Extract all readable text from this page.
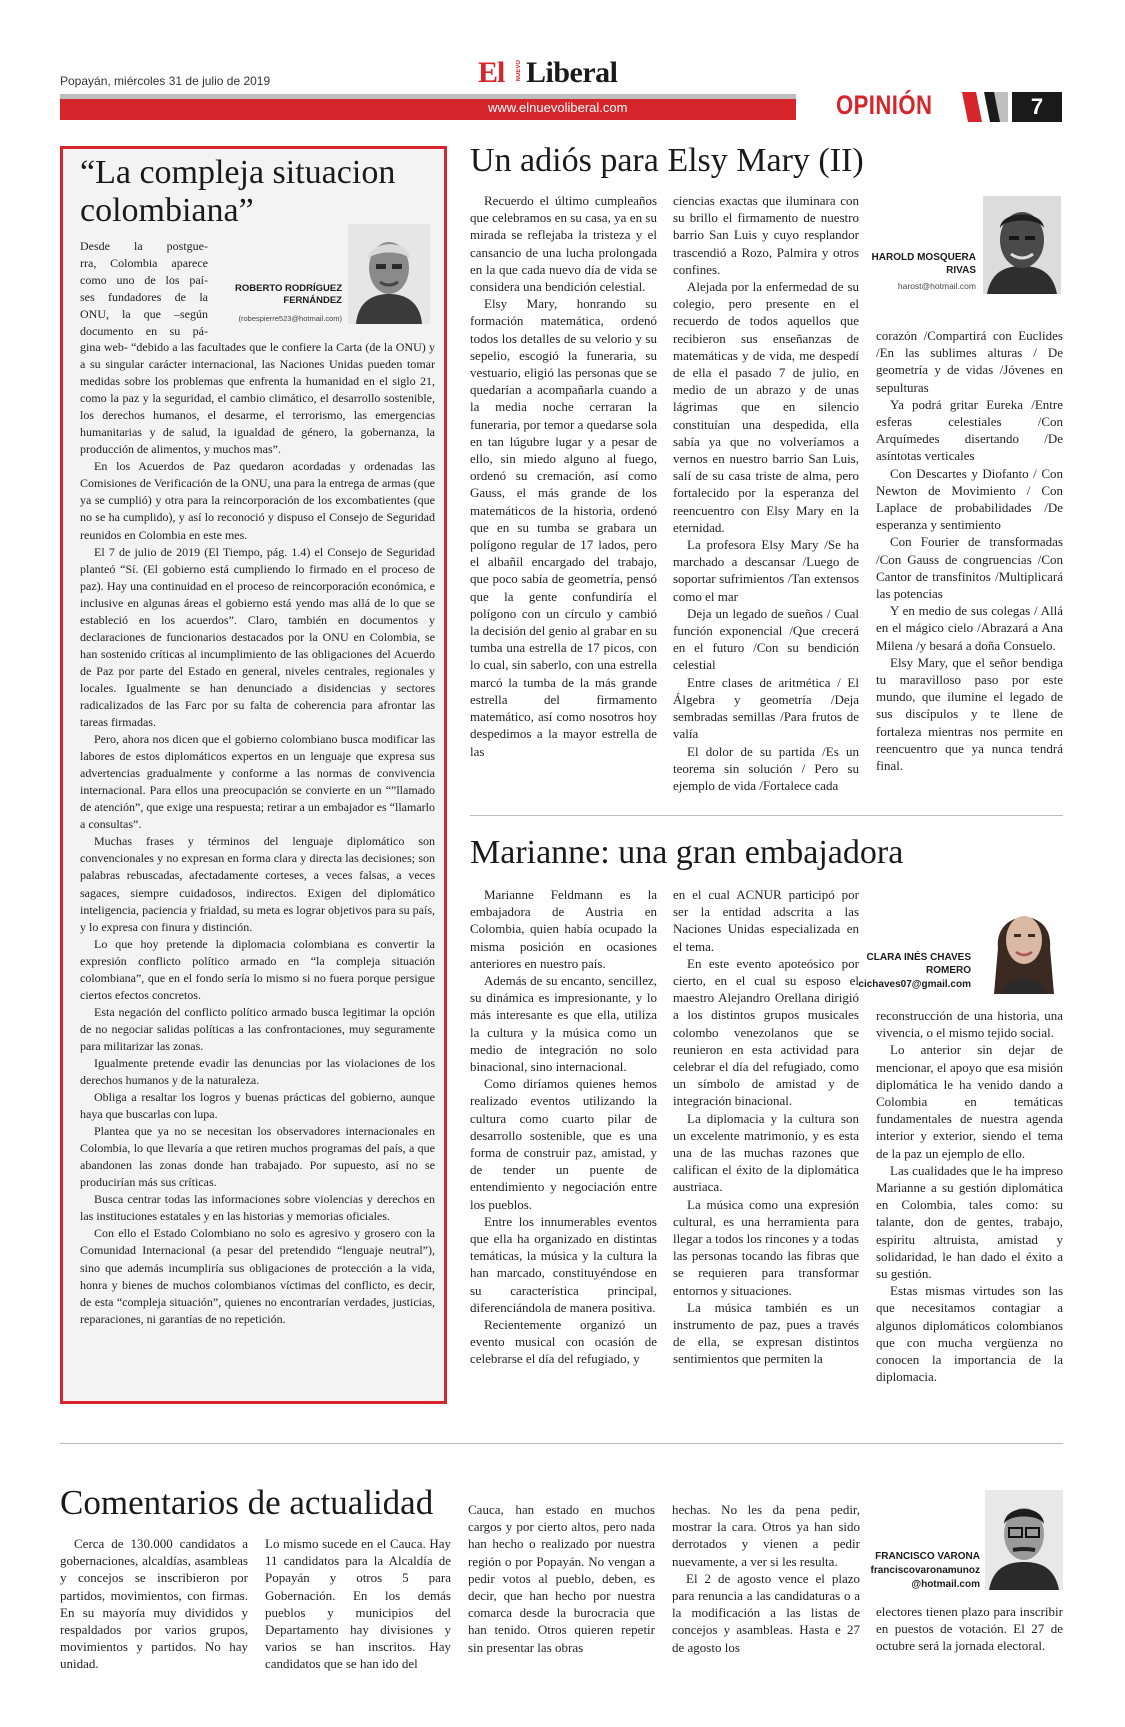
Popayán, miércoles 31 de julio de 2019	El NUEVO Liberal
www.elnuevoliberal.com	OPINIÓN	7
“La compleja situacion colombiana”
ROBERTO RODRÍGUEZ FERNÁNDEZ
(robespierre523@hotmail.com)
Desde la postgue-
rra, Colombia aparece
como uno de los paí-
ses fundadores de la
ONU, la que –según
documento en su pá-

gina web- “debido a las facultades que le confiere la Carta (de la ONU) y a su singular carácter internacional, las Naciones Unidas pueden tomar medidas sobre los problemas que enfrenta la humanidad en el siglo 21, como la paz y la seguridad, el cambio climático, el desarrollo sostenible, los derechos humanos, el desarme, el terrorismo, las emergencias humanitarias y de salud, la igualdad de género, la gobernanza, la producción de alimentos, y muchos mas”.

En los Acuerdos de Paz quedaron acordadas y ordenadas las Comisiones de Verificación de la ONU, una para la entrega de armas (que ya se cumplió) y otra para la reincorporación de los excombatientes (que no se ha cumplido), y así lo reconoció y dispuso el Consejo de Seguridad reunidos en Colombia en este mes.

El 7 de julio de 2019 (El Tiempo, pág. 1.4) el Consejo de Seguridad planteó “Sí. (El gobierno está cumpliendo lo firmado en el proceso de paz). Hay una continuidad en el proceso de reincorporación económica, e inclusive en algunas áreas el gobierno está yendo mas allá de lo que se estableció en los acuerdos”. Claro, también en documentos y declaraciones de funcionarios destacados por la ONU en Colombia, se han sostenido críticas al incumplimiento de las obligaciones del Acuerdo de Paz por parte del Estado en general, niveles centrales, regionales y locales. Igualmente se han denunciado a disidencias y sectores radicalizados de las Farc por su falta de coherencia para afrontar las tareas firmadas.

Pero, ahora nos dicen que el gobierno colombiano busca modificar las labores de estos diplomáticos expertos en un lenguaje que expresa sus advertencias gradualmente y conforme a las normas de convivencia internacional. Para ellos una preocupación se convierte en un “”llamado de atención”, que exige una respuesta; retirar a un embajador es “llamarlo a consultas”.

Muchas frases y términos del lenguaje diplomático son convencionales y no expresan en forma clara y directa las decisiones; son palabras rebuscadas, afectadamente corteses, a veces falsas, a veces sagaces, siempre cuidadosos, indirectos. Exigen del diplomático inteligencia, paciencia y frialdad, su meta es lograr objetivos para su país, y lo expresa con finura y distinción.

Lo que hoy pretende la diplomacia colombiana es convertir la expresión conflicto político armado en “la compleja situación colombiana”, que en el fondo sería lo mismo si no fuera porque persigue ciertos efectos concretos.

Esta negación del conflicto político armado busca legitimar la opción de no negociar salidas políticas a las confrontaciones, muy seguramente para militarizar las zonas.

Igualmente pretende evadir las denuncias por las violaciones de los derechos humanos y de la naturaleza.

Obliga a resaltar los logros y buenas prácticas del gobierno, aunque haya que buscarlas con lupa.

Plantea que ya no se necesitan los observadores internacionales en Colombia, lo que llevaría a que retiren muchos programas del país, a que abandonen las zonas donde han trabajado. Por supuesto, así no se producirían más sus críticas.

Busca centrar todas las informaciones sobre violencias y derechos en las instituciones estatales y en las historias y memorias oficiales.

Con ello el Estado Colombiano no solo es agresivo y grosero con la Comunidad Internacional (a pesar del pretendido “lenguaje neutral”), sino que además incumpliría sus obligaciones de protección a la vida, honra y bienes de muchos colombianos víctimas del conflicto, es decir, de esta “compleja situación”, quienes no encontrarían verdades, justicias, reparaciones, ni garantías de no repetición.

Un adiós para Elsy Mary (II)

Recuerdo el último cumpleaños que celebramos en su casa, ya en su mirada se reflejaba la tristeza y el cansancio de una lucha prolongada en la que cada nuevo día de vida se considera una bendición celestial.

Elsy Mary, honrando su formación matemática, ordenó todos los detalles de su velorio y su sepelio, escogió la funeraria, su vestuario, eligió las personas que se quedarían a acompañarla cuando a la media noche cerraran la funeraria, por temor a quedarse sola en tan lúgubre lugar y a pesar de ello, sin miedo alguno al fuego, ordenó su cremación, así como Gauss, el más grande de los matemáticos de la historia, ordenó que en su tumba se grabara un polígono regular de 17 lados, pero el albañil encargado del trabajo, que poco sabía de geometría, pensó que la gente confundiría el polígono con un círculo y cambió la decisión del genio al grabar en su tumba una estrella de 17 picos, con lo cual, sin saberlo, con una estrella marcó la tumba de la más grande estrella del firmamento matemático, así como nosotros hoy despedimos a la mayor estrella de las

ciencias exactas que iluminara con su brillo el firmamento de nuestro barrio San Luis y cuyo resplandor trascendió a Rozo, Palmira y otros confines.

Alejada por la enfermedad de su colegio, pero presente en el recuerdo de todos aquellos que recibieron sus enseñanzas de matemáticas y de vida, me despedí de ella el pasado 7 de julio, en medio de un abrazo y de unas lágrimas que en silencio constituían una despedida, ella sabía ya que no volveríamos a vernos en nuestro barrio San Luis, salí de su casa triste de alma, pero fortalecido por la esperanza del reencuentro con Elsy Mary en la eternidad.

La profesora Elsy Mary /Se ha marchado a descansar /Luego de soportar sufrimientos /Tan extensos como el mar

Deja un legado de sueños / Cual función exponencial /Que crecerá en el futuro /Con su bendición celestial

Entre clases de aritmética / El Álgebra y geometría /Deja sembradas semillas /Para frutos de valía

El dolor de su partida /Es un teorema sin solución / Pero su ejemplo de vida /Fortalece cada

HAROLD MOSQUERA RIVAS
harost@hotmail.com

corazón /Compartirá con Euclides /En las sublimes alturas / De geometría y de vidas /Jóvenes en sepulturas

Ya podrá gritar Eureka /Entre esferas celestiales /Con Arquímedes disertando /De asíntotas verticales

Con Descartes y Diofanto / Con Newton de Movimiento / Con Laplace de probabilidades /De esperanza y sentimiento

Con Fourier de transformadas /Con Gauss de congruencias /Con Cantor de transfinitos /Multiplicará las potencias

Y en medio de sus colegas / Allá en el mágico cielo /Abrazará a Ana Milena /y besará a doña Consuelo.

Elsy Mary, que el señor bendiga tu maravilloso paso por este mundo, que ilumine el legado de sus discípulos y te llene de fortaleza mientras nos permite en reencuentro que ya nunca tendrá final.

Marianne: una gran embajadora

Marianne Feldmann es la embajadora de Austria en Colombia, quien había ocupado la misma posición en ocasiones anteriores en nuestro país.

Además de su encanto, sencillez, su dinámica es impresionante, y lo más interesante es que ella, utiliza la cultura y la música como un medio de integración no solo binacional, sino internacional.

Como diríamos quienes hemos realizado eventos utilizando la cultura como cuarto pilar de desarrollo sostenible, que es una forma de construir paz, amistad, y de tender un puente de entendimiento y negociación entre los pueblos.

Entre los innumerables eventos que ella ha organizado en distintas temáticas, la música y la cultura la han marcado, constituyéndose en su característica principal, diferenciándola de manera positiva.

Recientemente organizó un evento musical con ocasión de celebrarse el día del refugiado, y

en el cual ACNUR participó por ser la entidad adscrita a las Naciones Unidas especializada en el tema.

En este evento apoteósico por cierto, en el cual su esposo el maestro Alejandro Orellana dirigió a los distintos grupos musicales colombo venezolanos que se reunieron en esta actividad para celebrar el día del refugiado, como un símbolo de amistad y de integración binacional.

La diplomacia y la cultura son un excelente matrimonio, y es esta una de las muchas razones que califican el éxito de la diplomática austriaca.

La música como una expresión cultural, es una herramienta para llegar a todos los rincones y a todas las personas tocando las fibras que se requieren para transformar entornos y situaciones.

La música también es un instrumento de paz, pues a través de ella, se expresan distintos sentimientos que permiten la

CLARA INÉS CHAVES ROMERO
cichaves07@gmail.com

reconstrucción de una historia, una vivencia, o el mismo tejido social.

Lo anterior sin dejar de mencionar, el apoyo que esa misión diplomática le ha venido dando a Colombia en temáticas fundamentales de nuestra agenda interior y exterior, siendo el tema de la paz un ejemplo de ello.

Las cualidades que le ha impreso Marianne a su gestión diplomática en Colombia, tales como: su talante, don de gentes, trabajo, espiritu altruista, amistad y solidaridad, le han dado el éxito a su gestión.

Estas mismas virtudes son las que necesitamos contagiar a algunos diplomáticos colombianos que con mucha vergüenza no conocen la importancia de la diplomacia.

Comentarios de actualidad

Cerca de 130.000 candidatos a gobernaciones, alcaldías, asambleas y concejos se inscribieron por partidos, movimientos, con firmas. En su mayoría muy divididos y respaldados por varios grupos, movimientos y partidos. No hay unidad.

Lo mismo sucede en el Cauca. Hay 11 candidatos para la Alcaldía de Popayán y otros 5 para Gobernación. En los demás pueblos y municipios del Departamento hay divisiones y varios se han inscritos. Hay candidatos que se han ido del

Cauca, han estado en muchos cargos y por cierto altos, pero nada han hecho o realizado por nuestra región o por Popayán. No vengan a pedir votos al pueblo, deben, es decir, que han hecho por nuestra comarca desde la burocracia que han tenido. Otros quieren repetir sin presentar las obras

hechas. No les da pena pedir, mostrar la cara. Otros ya han sido derrotados y vienen a pedir nuevamente, a ver si les resulta.

El 2 de agosto vence el plazo para renuncia a las candidaturas o a la modificación a las listas de concejos y asambleas. Hasta e 27 de agosto los

FRANCISCO VARONA
franciscovaronamunoz
@hotmail.com

electores tienen plazo para inscribir en puestos de votación. El 27 de octubre será la jornada electoral.
